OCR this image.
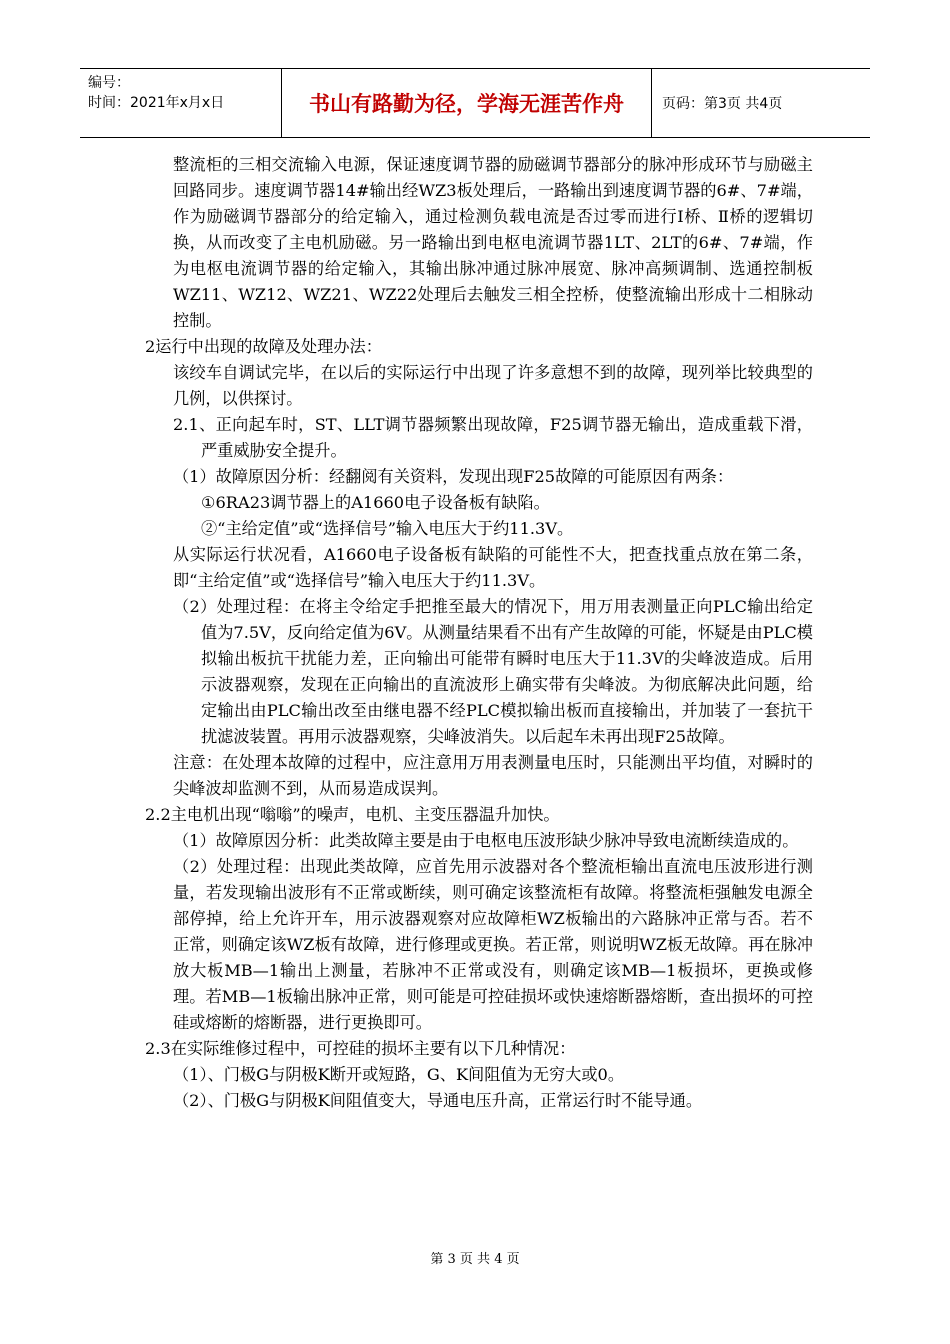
编号：
时间：2021年x月x日	书山有路勤为径，学海无涯苦作舟	页码：第3页 共4页

整流柜的三相交流输入电源，保证速度调节器的励磁调节器部分的脉冲形成环节与励磁主回路同步。速度调节器14#输出经WZ3板处理后，一路输出到速度调节器的6#、7#端，作为励磁调节器部分的给定输入，通过检测负载电流是否过零而进行Ⅰ桥、Ⅱ桥的逻辑切换，从而改变了主电机励磁。另一路输出到电枢电流调节器1LT、2LT的6#、7#端，作为电枢电流调节器的给定输入，其输出脉冲通过脉冲展宽、脉冲高频调制、选通控制板WZ11、WZ12、WZ21、WZ22处理后去触发三相全控桥，使整流输出形成十二相脉动控制。

2运行中出现的故障及处理办法：

该绞车自调试完毕，在以后的实际运行中出现了许多意想不到的故障，现列举比较典型的几例，以供探讨。

2.1、正向起车时，ST、LLT调节器频繁出现故障，F25调节器无输出，造成重载下滑，严重威胁安全提升。

（1）故障原因分析：经翻阅有关资料，发现出现F25故障的可能原因有两条：

①6RA23调节器上的A1660电子设备板有缺陷。

②“主给定值”或“选择信号”输入电压大于约11.3V。

从实际运行状况看，A1660电子设备板有缺陷的可能性不大，把查找重点放在第二条，即“主给定值”或“选择信号”输入电压大于约11.3V。

（2）处理过程：在将主令给定手把推至最大的情况下，用万用表测量正向PLC输出给定值为7.5V，反向给定值为6V。从测量结果看不出有产生故障的可能，怀疑是由PLC模拟输出板抗干扰能力差，正向输出可能带有瞬时电压大于11.3V的尖峰波造成。后用示波器观察，发现在正向输出的直流波形上确实带有尖峰波。为彻底解决此问题，给定输出由PLC输出改至由继电器不经PLC模拟输出板而直接输出，并加装了一套抗干扰滤波装置。再用示波器观察，尖峰波消失。以后起车未再出现F25故障。

注意：在处理本故障的过程中，应注意用万用表测量电压时，只能测出平均值，对瞬时的尖峰波却监测不到，从而易造成误判。

2.2主电机出现“嗡嗡”的噪声，电机、主变压器温升加快。

（1）故障原因分析：此类故障主要是由于电枢电压波形缺少脉冲导致电流断续造成的。

（2）处理过程：出现此类故障，应首先用示波器对各个整流柜输出直流电压波形进行测量，若发现输出波形有不正常或断续，则可确定该整流柜有故障。将整流柜强触发电源全部停掉，给上允许开车，用示波器观察对应故障柜WZ板输出的六路脉冲正常与否。若不正常，则确定该WZ板有故障，进行修理或更换。若正常，则说明WZ板无故障。再在脉冲放大板MB—1输出上测量，若脉冲不正常或没有，则确定该MB—1板损坏，更换或修理。若MB—1板输出脉冲正常，则可能是可控硅损坏或快速熔断器熔断，查出损坏的可控硅或熔断的熔断器，进行更换即可。

2.3在实际维修过程中，可控硅的损坏主要有以下几种情况：

（1）、门极G与阴极K断开或短路，G、K间阻值为无穷大或0。

（2）、门极G与阴极K间阻值变大，导通电压升高，正常运行时不能导通。

第 3 页 共 4 页
